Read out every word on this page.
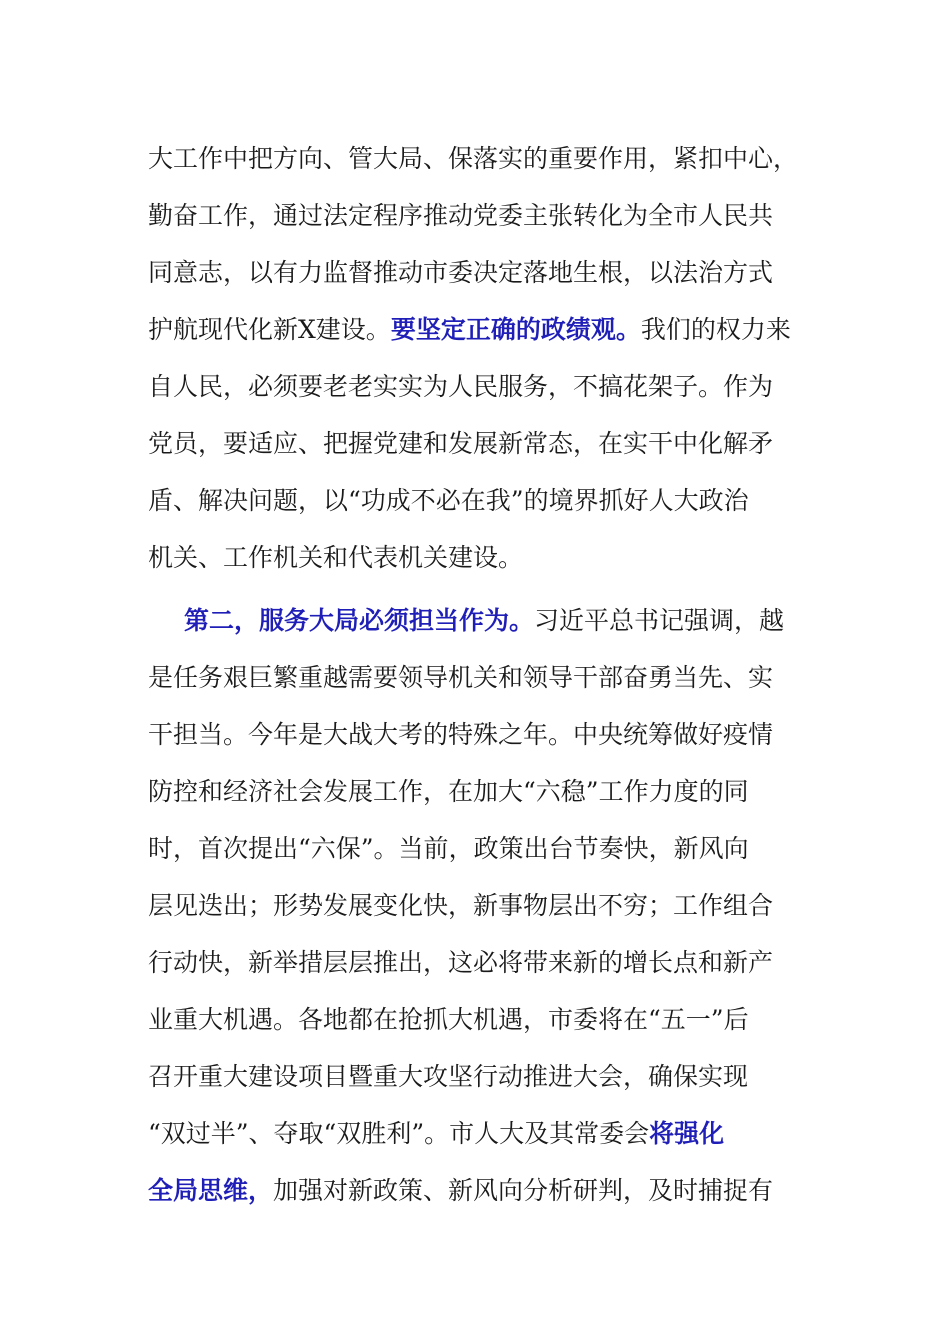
大工作中把方向、管大局、保落实的重要作用，紧扣中心，
勤奋工作，通过法定程序推动党委主张转化为全市人民共
同意志，以有力监督推动市委决定落地生根，以法治方式
护航现代化新X建设。要坚定正确的政绩观。我们的权力来
自人民，必须要老老实实为人民服务，不搞花架子。作为
党员，要适应、把握党建和发展新常态，在实干中化解矛
盾、解决问题，以“功成不必在我”的境界抓好人大政治
机关、工作机关和代表机关建设。
第二，服务大局必须担当作为。习近平总书记强调，越
是任务艰巨繁重越需要领导机关和领导干部奋勇当先、实
干担当。今年是大战大考的特殊之年。中央统筹做好疫情
防控和经济社会发展工作，在加大“六稳”工作力度的同
时，首次提出“六保”。当前，政策出台节奏快，新风向
层见迭出；形势发展变化快，新事物层出不穷；工作组合
行动快，新举措层层推出，这必将带来新的增长点和新产
业重大机遇。各地都在抢抓大机遇，市委将在“五一”后
召开重大建设项目暨重大攻坚行动推进大会，确保实现
“双过半”、夺取“双胜利”。市人大及其常委会将强化
全局思维，加强对新政策、新风向分析研判，及时捕捉有
